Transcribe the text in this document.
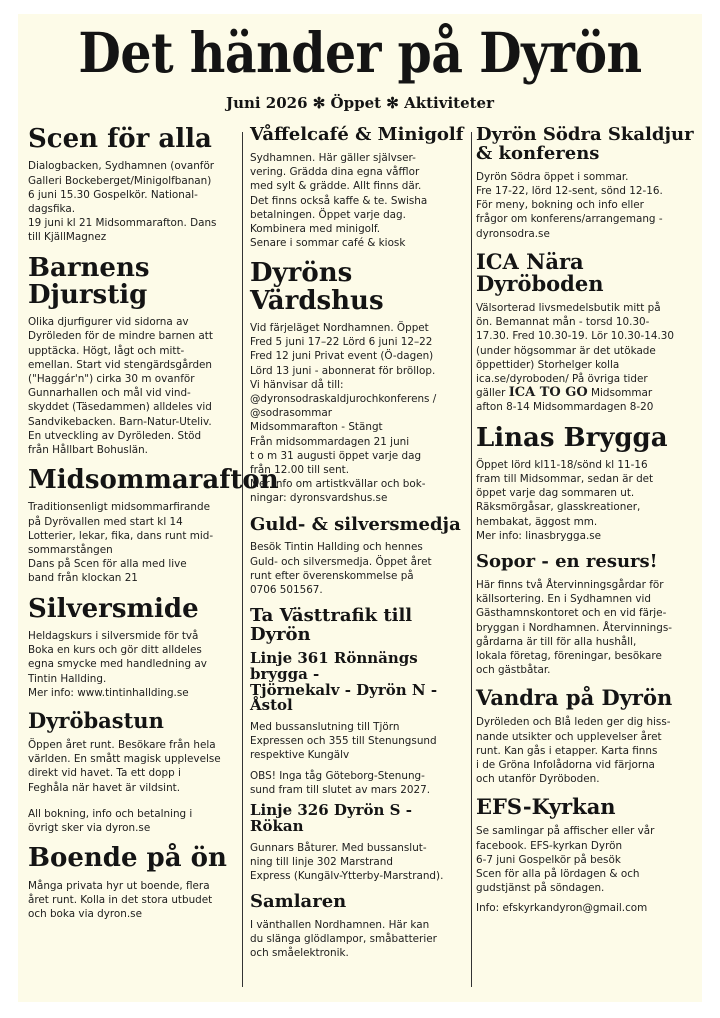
Det händer på Dyrön
Juni 2026 ✻ Öppet ✻ Aktiviteter
Scen för alla
Dialogbacken, Sydhamnen (ovanför
Galleri Bockeberget/Minigolfbanan)
6 juni 15.30 Gospelkör. National-
dagsfika.
19 juni kl 21 Midsommarafton. Dans
till KjällMagnez
Barnens Djurstig
Olika djurfigurer vid sidorna av
Dyröleden för de mindre barnen att
upptäcka. Högt, lågt och mitt-
emellan. Start vid stengärdsgården
("Haggár'n") cirka 30 m ovanför
Gunnarhallen och mål vid vind-
skyddet (Täsedammen) alldeles vid
Sandvikebacken. Barn-Natur-Uteliv.
En utveckling av Dyröleden. Stöd
från Hållbart Bohuslän.
Midsommarafton
Traditionsenligt midsommarfirande
på Dyrövallen med start kl 14
Lotterier, lekar, fika, dans runt mid-
sommarstången
Dans på Scen för alla med live
band från klockan 21
Silversmide
Heldagskurs i silversmide för två
Boka en kurs och gör ditt alldeles
egna smycke med handledning av
Tintin Hallding.
Mer info: www.tintinhallding.se
Dyröbastun
Öppen året runt. Besökare från hela
världen. En smått magisk upplevelse
direkt vid havet. Ta ett dopp i
Feghåla när havet är vildsint.
All bokning, info och betalning i
övrigt sker via dyron.se
Boende på ön
Många privata hyr ut boende, flera
året runt. Kolla in det stora utbudet
och boka via dyron.se
Våffelcafé & Minigolf
Sydhamnen. Här gäller självser-
vering. Grädda dina egna våfflor
med sylt & grädde. Allt finns där.
Det finns också kaffe & te. Swisha
betalningen. Öppet varje dag.
Kombinera med minigolf.
Senare i sommar café & kiosk
Dyröns Värdshus
Vid färjeläget Nordhamnen. Öppet
Fred 5 juni 17–22 Lörd 6 juni 12–22
Fred 12 juni Privat event (Ö-dagen)
Lörd 13 juni - abonnerat för bröllop.
Vi hänvisar då till:
@dyronsodraskaldjurochkonferens /
@sodrasommar
Midsommarafton - Stängt
Från midsommardagen 21 juni
t o m 31 augusti öppet varje dag
från 12.00 till sent.
Mer info om artistkvällar och bok-
ningar: dyronsvardshus.se
Guld- & silversmedja
Besök Tintin Hallding och hennes
Guld- och silversmedja. Öppet året
runt efter överenskommelse på
0706 501567.
Ta Västtrafik till Dyrön
Linje 361 Rönnängs brygga -
Tjörnekalv - Dyrön N - Åstol
Med bussanslutning till Tjörn
Expressen och 355 till Stenungsund
respektive Kungälv
OBS! Inga tåg Göteborg-Stenung-
sund fram till slutet av mars 2027.
Linje 326 Dyrön S - Rökan
Gunnars Båturer. Med bussanslut-
ning till linje 302 Marstrand
Express (Kungälv-Ytterby-Marstrand).
Samlaren
I vänthallen Nordhamnen. Här kan
du slänga glödlampor, småbatterier
och småelektronik.
Dyrön Södra Skaldjur
& konferens
Dyrön Södra öppet i sommar.
Fre 17-22, lörd 12-sent, sönd 12-16.
För meny, bokning och info eller
frågor om konferens/arrangemang -
dyronsodra.se
ICA Nära Dyröboden
Välsorterad livsmedelsbutik mitt på
ön. Bemannat mån - torsd 10.30-
17.30. Fred 10.30-19. Lör 10.30-14.30
(under högsommar är det utökade
öppettider) Storhelger kolla
ica.se/dyroboden/ På övriga tider
gäller ICA TO GO Midsommar
afton 8-14 Midsommardagen 8-20
Linas Brygga
Öppet lörd kl11-18/sönd kl 11-16
fram till Midsommar, sedan är det
öppet varje dag sommaren ut.
Räksmörgåsar, glasskreationer,
hembakat, äggost mm.
Mer info: linasbrygga.se
Sopor - en resurs!
Här finns två Återvinningsgårdar för
källsortering. En i Sydhamnen vid
Gästhamnskontoret och en vid färje-
bryggan i Nordhamnen. Återvinnings-
gårdarna är till för alla hushåll,
lokala företag, föreningar, besökare
och gästbåtar.
Vandra på Dyrön
Dyröleden och Blå leden ger dig hiss-
nande utsikter och upplevelser året
runt. Kan gås i etapper. Karta finns
i de Gröna Infolådorna vid färjorna
och utanför Dyröboden.
EFS-Kyrkan
Se samlingar på affischer eller vår
facebook. EFS-kyrkan Dyrön
6-7 juni Gospelkör på besök
Scen för alla på lördagen & och
gudstjänst på söndagen.
Info: efskyrkandyron@gmail.com
